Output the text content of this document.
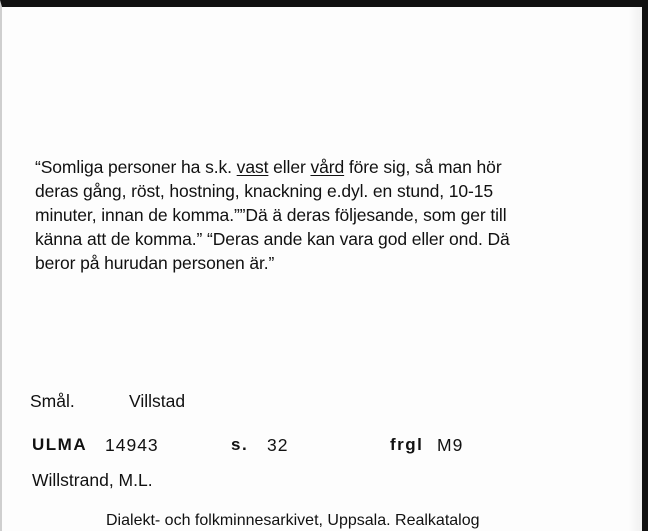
“Somliga personer ha s.k. vast eller vård före sig, så man hör
deras gång, röst, hostning, knackning e.dyl. en stund, 10-15
minuter, innan de komma.””Dä ä deras följesande, som ger till
känna att de komma.” “Deras ande kan vara god eller ond. Dä
beror på hurudan personen är.”

Smål.	Villstad
ULMA 14943	s. 32	frgl M9
Willstrand, M.L.
Dialekt- och folkminnesarkivet, Uppsala. Realkatalog
